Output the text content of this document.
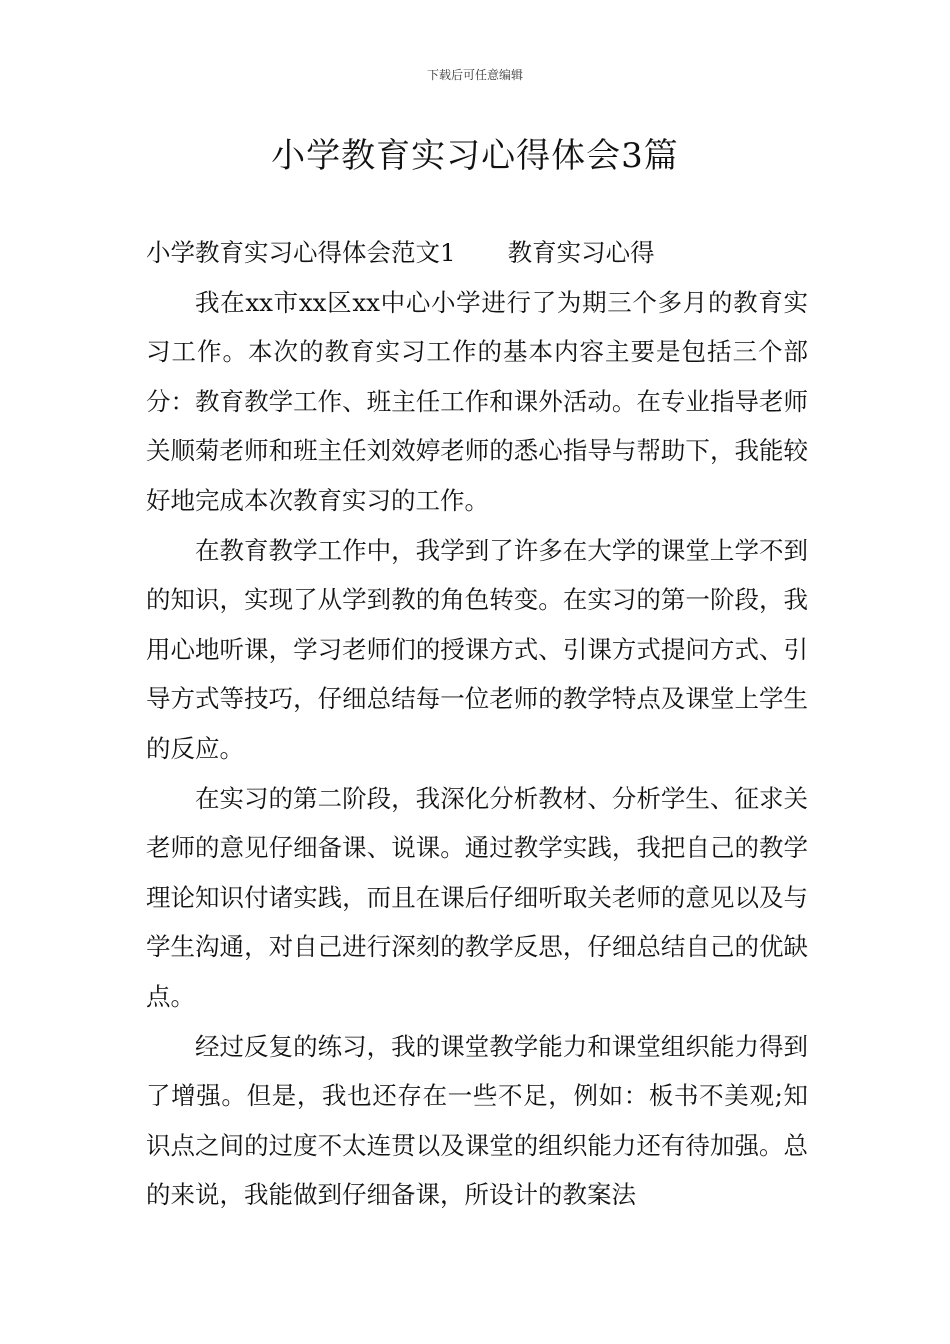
下载后可任意编辑
小学教育实习心得体会3篇

小学教育实习心得体会范文1 教育实习心得

我在xx市xx区xx中心小学进行了为期三个多月的教育实习工作。本次的教育实习工作的基本内容主要是包括三个部分：教育教学工作、班主任工作和课外活动。在专业指导老师关顺菊老师和班主任刘效婷老师的悉心指导与帮助下，我能较好地完成本次教育实习的工作。

在教育教学工作中，我学到了许多在大学的课堂上学不到的知识，实现了从学到教的角色转变。在实习的第一阶段，我用心地听课，学习老师们的授课方式、引课方式提问方式、引导方式等技巧，仔细总结每一位老师的教学特点及课堂上学生的反应。

在实习的第二阶段，我深化分析教材、分析学生、征求关老师的意见仔细备课、说课。通过教学实践，我把自己的教学理论知识付诸实践，而且在课后仔细听取关老师的意见以及与学生沟通，对自己进行深刻的教学反思，仔细总结自己的优缺点。

经过反复的练习，我的课堂教学能力和课堂组织能力得到了增强。但是，我也还存在一些不足，例如：板书不美观;知识点之间的过度不太连贯以及课堂的组织能力还有待加强。总的来说，我能做到仔细备课，所设计的教案法
